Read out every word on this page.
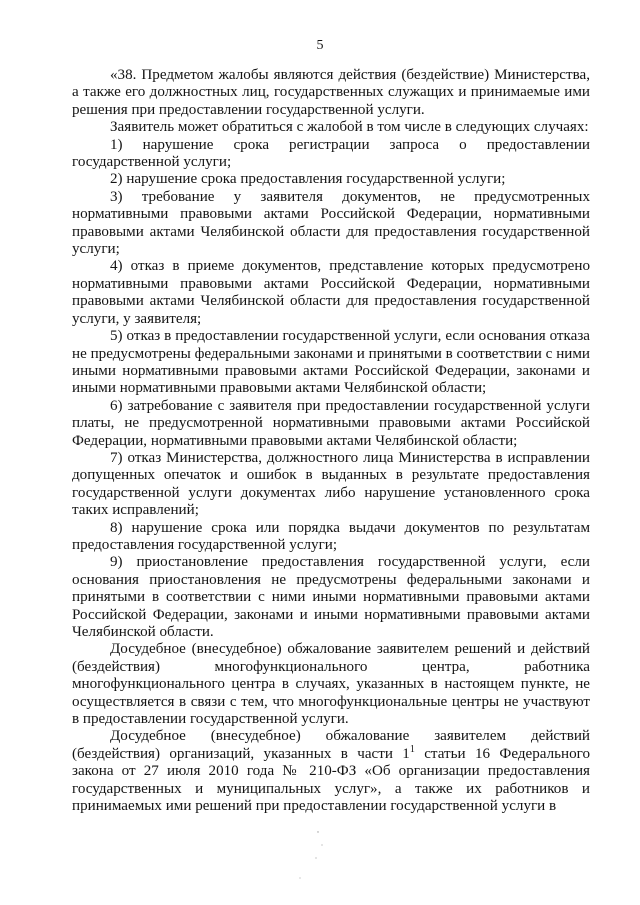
5

«38. Предметом жалобы являются действия (бездействие) Министерства, а также его должностных лиц, государственных служащих и принимаемые ими решения при предоставлении государственной услуги.

Заявитель может обратиться с жалобой в том числе в следующих случаях:

1) нарушение срока регистрации запроса о предоставлении государственной услуги;

2) нарушение срока предоставления государственной услуги;

3) требование у заявителя документов, не предусмотренных нормативными правовыми актами Российской Федерации, нормативными правовыми актами Челябинской области для предоставления государственной услуги;

4) отказ в приеме документов, представление которых предусмотрено нормативными правовыми актами Российской Федерации, нормативными правовыми актами Челябинской области для предоставления государственной услуги, у заявителя;

5) отказ в предоставлении государственной услуги, если основания отказа не предусмотрены федеральными законами и принятыми в соответствии с ними иными нормативными правовыми актами Российской Федерации, законами и иными нормативными правовыми актами Челябинской области;

6) затребование с заявителя при предоставлении государственной услуги платы, не предусмотренной нормативными правовыми актами Российской Федерации, нормативными правовыми актами Челябинской области;

7) отказ Министерства, должностного лица Министерства в исправлении допущенных опечаток и ошибок в выданных в результате предоставления государственной услуги документах либо нарушение установленного срока таких исправлений;

8) нарушение срока или порядка выдачи документов по результатам предоставления государственной услуги;

9) приостановление предоставления государственной услуги, если основания приостановления не предусмотрены федеральными законами и принятыми в соответствии с ними иными нормативными правовыми актами Российской Федерации, законами и иными нормативными правовыми актами Челябинской области.

Досудебное (внесудебное) обжалование заявителем решений и действий (бездействия) многофункционального центра, работника многофункционального центра в случаях, указанных в настоящем пункте, не осуществляется в связи с тем, что многофункциональные центры не участвуют в предоставлении государственной услуги.

Досудебное (внесудебное) обжалование заявителем действий (бездействия) организаций, указанных в части $1^1$ статьи 16 Федерального закона от 27 июля 2010 года № 210-ФЗ «Об организации предоставления государственных и муниципальных услуг», а также их работников и принимаемых ими решений при предоставлении государственной услуги в
